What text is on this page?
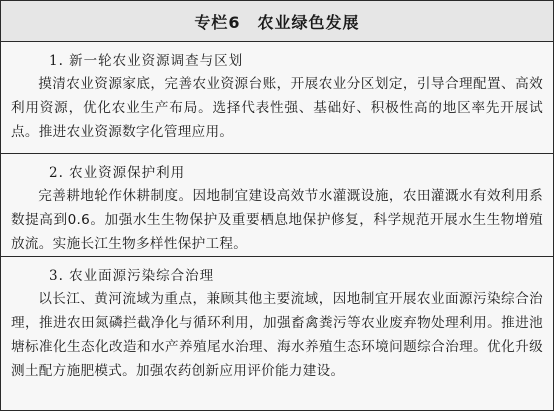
专栏6　农业绿色发展
1. 新一轮农业资源调查与区划
摸清农业资源家底，完善农业资源台账，开展农业分区划定，引导合理配置、高效利用资源，优化农业生产布局。选择代表性强、基础好、积极性高的地区率先开展试点。推进农业资源数字化管理应用。
2. 农业资源保护利用
完善耕地轮作休耕制度。因地制宜建设高效节水灌溉设施，农田灌溉水有效利用系数提高到0.6。加强水生生物保护及重要栖息地保护修复，科学规范开展水生生物增殖放流。实施长江生物多样性保护工程。
3. 农业面源污染综合治理
以长江、黄河流域为重点，兼顾其他主要流域，因地制宜开展农业面源污染综合治理，推进农田氮磷拦截净化与循环利用，加强畜禽粪污等农业废弃物处理利用。推进池塘标准化生态化改造和水产养殖尾水治理、海水养殖生态环境问题综合治理。优化升级测土配方施肥模式。加强农药创新应用评价能力建设。
